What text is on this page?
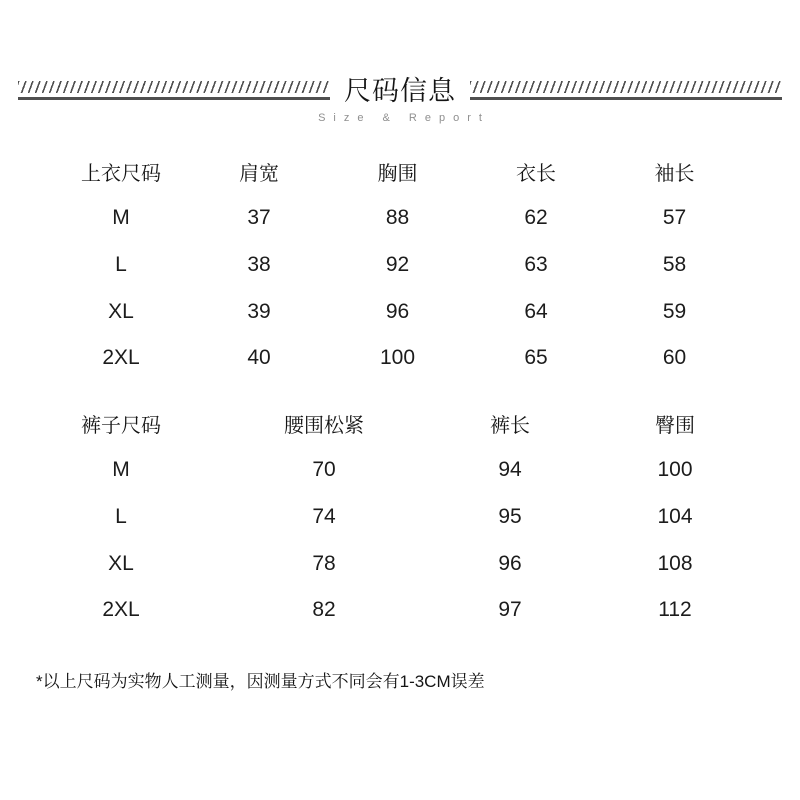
尺码信息
Size & Report
上衣尺码	肩宽	胸围	衣长	袖长
M	37	88	62	57
L	38	92	63	58
XL	39	96	64	59
2XL	40	100	65	60
裤子尺码	腰围松紧	裤长	臀围
M	70	94	100
L	74	95	104
XL	78	96	108
2XL	82	97	112
*以上尺码为实物人工测量，因测量方式不同会有1-3CM误差
